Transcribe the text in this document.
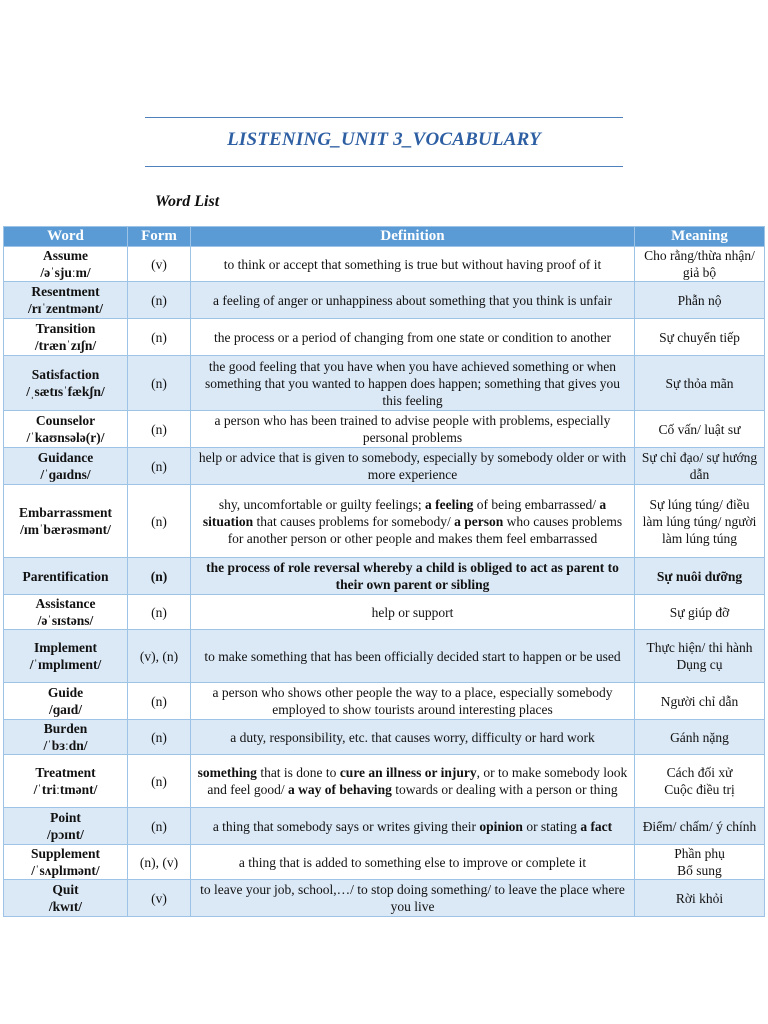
LISTENING_UNIT 3_VOCABULARY
Word List
Word	Form	Definition	Meaning
Assume
/əˈsjuːm/	(v)	to think or accept that something is true but without having proof of it	Cho rằng/thừa nhận/ giả bộ

Resentment
/rɪˈzentmənt/	(n)	a feeling of anger or unhappiness about something that you think is unfair	Phẫn nộ

Transition
/trænˈzɪʃn/	(n)	the process or a period of changing from one state or condition to another	Sự chuyển tiếp

Satisfaction
/ˌsætɪsˈfækʃn/	(n)	the good feeling that you have when you have achieved something or when something that you wanted to happen does happen; something that gives you this feeling	Sự thỏa mãn

Counselor
/ˈkaʊnsələ(r)/	(n)	a person who has been trained to advise people with problems, especially personal problems	Cố vấn/ luật sư

Guidance
/ˈɡaɪdns/	(n)	help or advice that is given to somebody, especially by somebody older or with more experience	Sự chỉ đạo/ sự hướng dẫn

Embarrassment
/ɪmˈbærəsmənt/	(n)	shy, uncomfortable or guilty feelings; a feeling of being embarrassed/ a situation that causes problems for somebody/ a person who causes problems for another person or other people and makes them feel embarrassed	Sự lúng túng/ điều làm lúng túng/ người làm lúng túng

Parentification	(n)	the process of role reversal whereby a child is obliged to act as parent to their own parent or sibling	Sự nuôi dưỡng

Assistance
/əˈsɪstəns/	(n)	help or support	Sự giúp đỡ

Implement
/ˈɪmplɪment/	(v), (n)	to make something that has been officially decided start to happen or be used	Thực hiện/ thi hành
Dụng cụ

Guide
/ɡaɪd/	(n)	a person who shows other people the way to a place, especially somebody employed to show tourists around interesting places	Người chỉ dẫn

Burden
/ˈbɜːdn/	(n)	a duty, responsibility, etc. that causes worry, difficulty or hard work	Gánh nặng

Treatment
/ˈtriːtmənt/	(n)	something that is done to cure an illness or injury, or to make somebody look and feel good/ a way of behaving towards or dealing with a person or thing	Cách đối xử
Cuộc điều trị

Point
/pɔɪnt/	(n)	a thing that somebody says or writes giving their opinion or stating a fact	Điểm/ chấm/ ý chính

Supplement
/ˈsʌplɪmənt/	(n), (v)	a thing that is added to something else to improve or complete it	Phần phụ
Bổ sung

Quit
/kwɪt/	(v)	to leave your job, school,…/ to stop doing something/ to leave the place where you live	Rời khỏi
